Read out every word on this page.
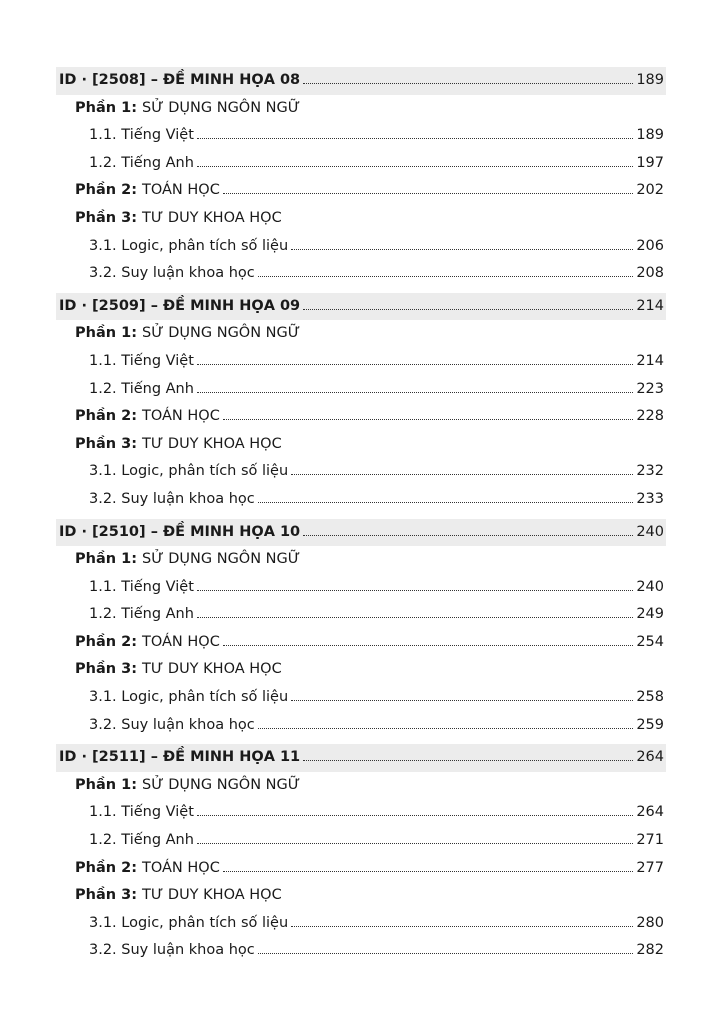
ID · [2508] – ĐỀ MINH HỌA 08	189
Phần 1: SỬ DỤNG NGÔN NGỮ
1.1. Tiếng Việt	189
1.2. Tiếng Anh	197
Phần 2: TOÁN HỌC	202
Phần 3: TƯ DUY KHOA HỌC
3.1. Logic, phân tích số liệu	206
3.2. Suy luận khoa học	208
ID · [2509] – ĐỀ MINH HỌA 09	214
Phần 1: SỬ DỤNG NGÔN NGỮ
1.1. Tiếng Việt	214
1.2. Tiếng Anh	223
Phần 2: TOÁN HỌC	228
Phần 3: TƯ DUY KHOA HỌC
3.1. Logic, phân tích số liệu	232
3.2. Suy luận khoa học	233
ID · [2510] – ĐỀ MINH HỌA 10	240
Phần 1: SỬ DỤNG NGÔN NGỮ
1.1. Tiếng Việt	240
1.2. Tiếng Anh	249
Phần 2: TOÁN HỌC	254
Phần 3: TƯ DUY KHOA HỌC
3.1. Logic, phân tích số liệu	258
3.2. Suy luận khoa học	259
ID · [2511] – ĐỀ MINH HỌA 11	264
Phần 1: SỬ DỤNG NGÔN NGỮ
1.1. Tiếng Việt	264
1.2. Tiếng Anh	271
Phần 2: TOÁN HỌC	277
Phần 3: TƯ DUY KHOA HỌC
3.1. Logic, phân tích số liệu	280
3.2. Suy luận khoa học	282
